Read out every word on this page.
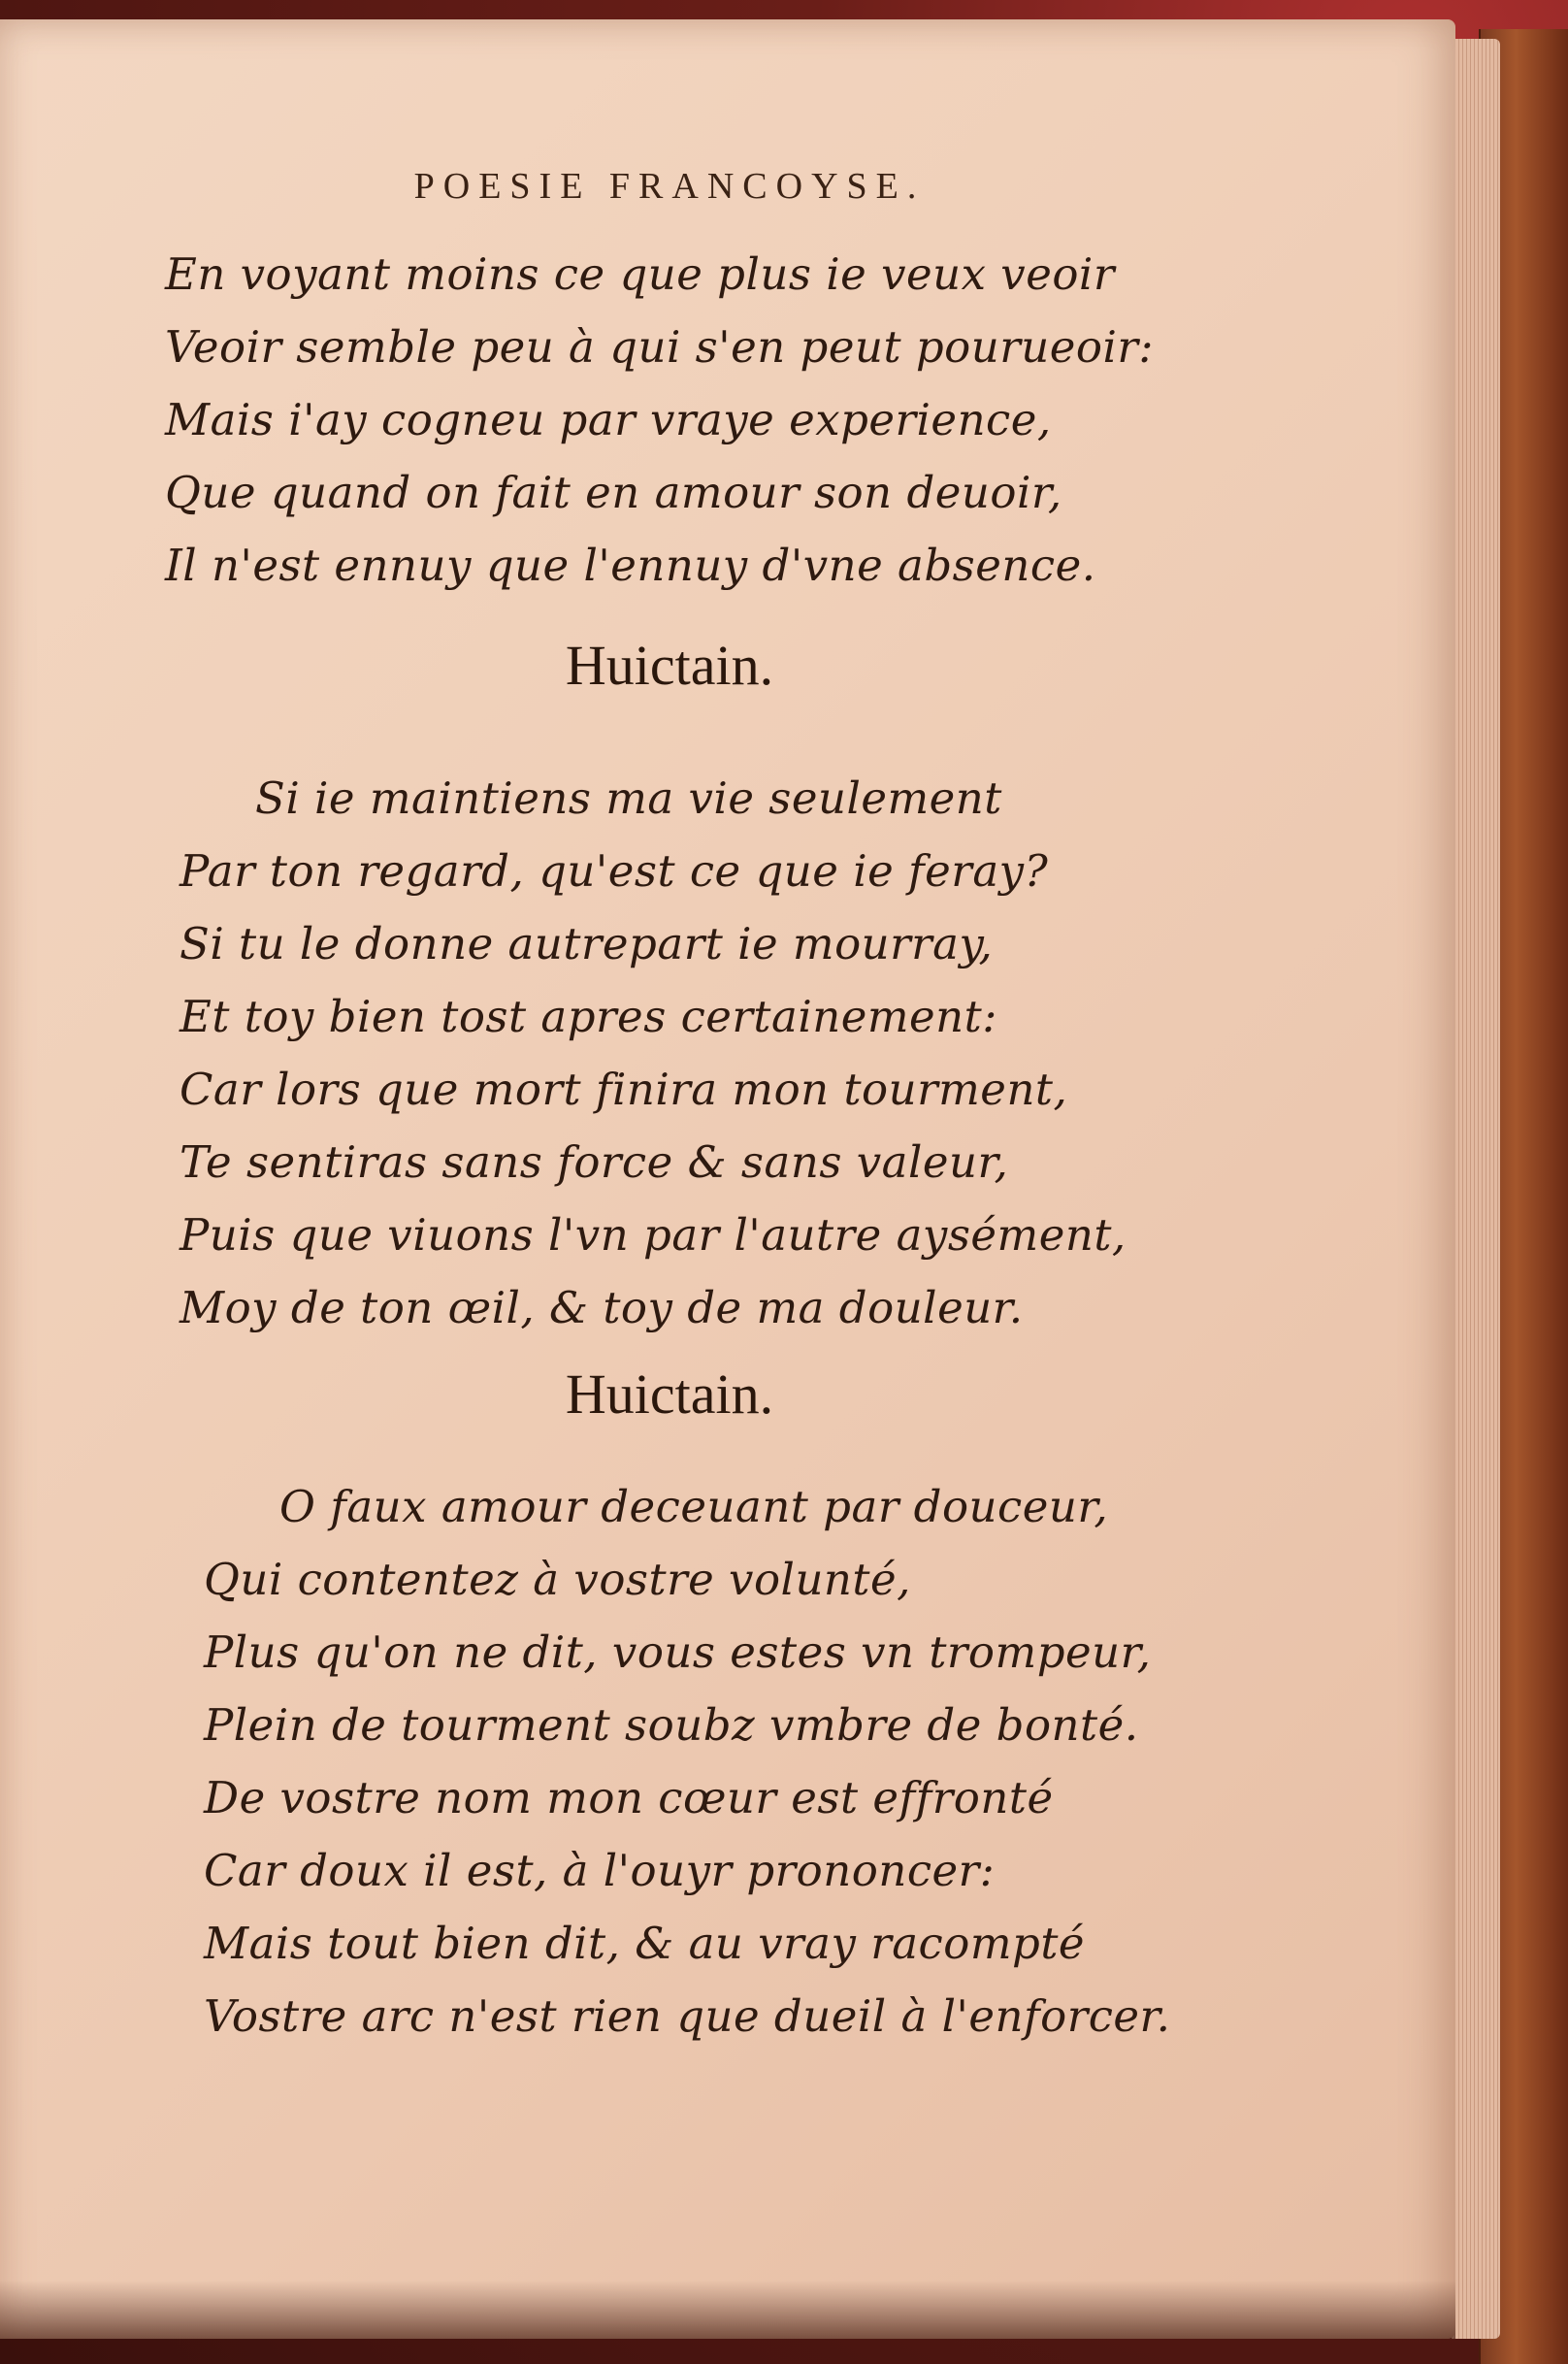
POESIE FRANCOYSE.
En voyant moins ce que plus ie veux veoir
Veoir semble peu à qui s'en peut pourueoir:
Mais i'ay cogneu par vraye experience,
Que quand on fait en amour son deuoir,
Il n'est ennuy que l'ennuy d'vne absence.
Huictain.
Si ie maintiens ma vie seulement
Par ton regard, qu'est ce que ie feray?
Si tu le donne autrepart ie mourray,
Et toy bien tost apres certainement:
Car lors que mort finira mon tourment,
Te sentiras sans force & sans valeur,
Puis que viuons l'vn par l'autre aysément,
Moy de ton œil, & toy de ma douleur.
Huictain.
O faux amour deceuant par douceur,
Qui contentez à vostre volunté,
Plus qu'on ne dit, vous estes vn trompeur,
Plein de tourment soubz vmbre de bonté.
De vostre nom mon cœur est effronté
Car doux il est, à l'ouyr prononcer:
Mais tout bien dit, & au vray racompté
Vostre arc n'est rien que dueil à l'enforcer.
